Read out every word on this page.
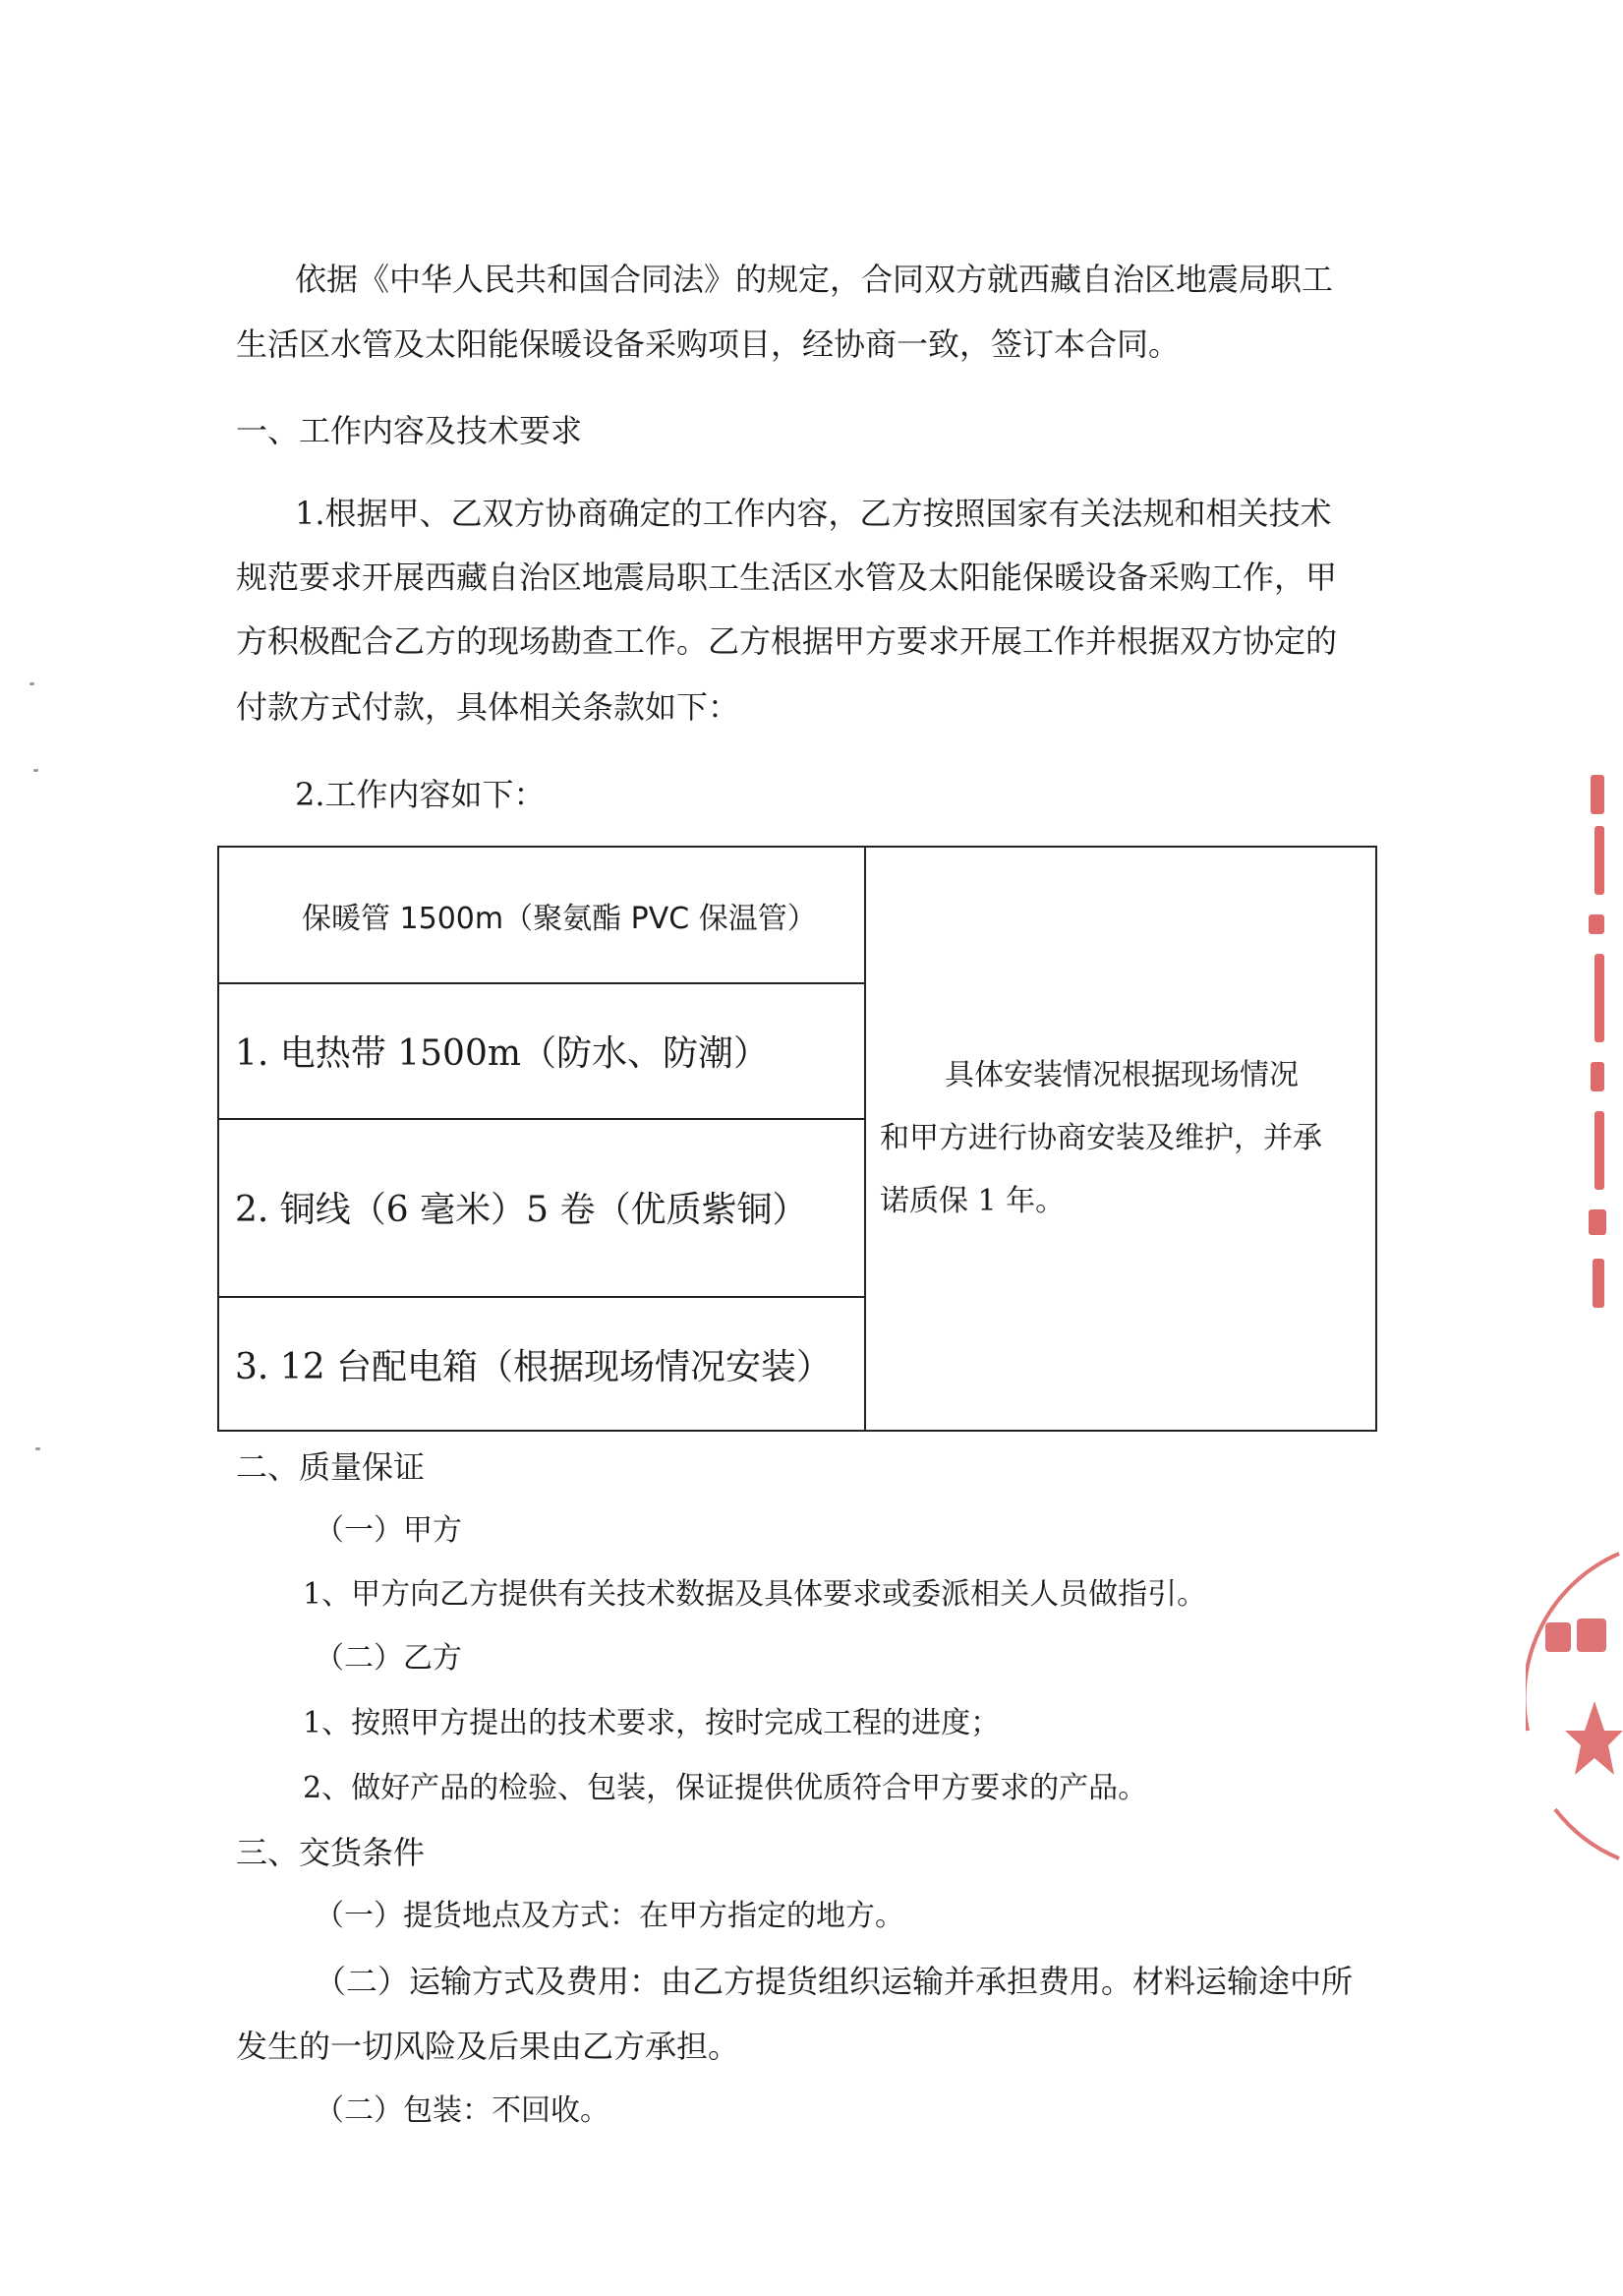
依据《中华人民共和国合同法》的规定，合同双方就西藏自治区地震局职工
生活区水管及太阳能保暖设备采购项目，经协商一致，签订本合同。
一、工作内容及技术要求
1.根据甲、乙双方协商确定的工作内容，乙方按照国家有关法规和相关技术
规范要求开展西藏自治区地震局职工生活区水管及太阳能保暖设备采购工作，甲
方积极配合乙方的现场勘查工作。乙方根据甲方要求开展工作并根据双方协定的
付款方式付款，具体相关条款如下：
2.工作内容如下：
保暖管 1500m（聚氨酯 PVC 保温管）
1. 电热带 1500m（防水、防潮）
2. 铜线（6 毫米）5 卷（优质紫铜）
3. 12 台配电箱（根据现场情况安装）
具体安装情况根据现场情况
和甲方进行协商安装及维护，并承
诺质保 1 年。
二、质量保证
（一）甲方
1、甲方向乙方提供有关技术数据及具体要求或委派相关人员做指引。
（二）乙方
1、按照甲方提出的技术要求，按时完成工程的进度；
2、做好产品的检验、包装，保证提供优质符合甲方要求的产品。
三、交货条件
（一）提货地点及方式：在甲方指定的地方。
（二）运输方式及费用：由乙方提货组织运输并承担费用。材料运输途中所
发生的一切风险及后果由乙方承担。
（二）包装：不回收。
